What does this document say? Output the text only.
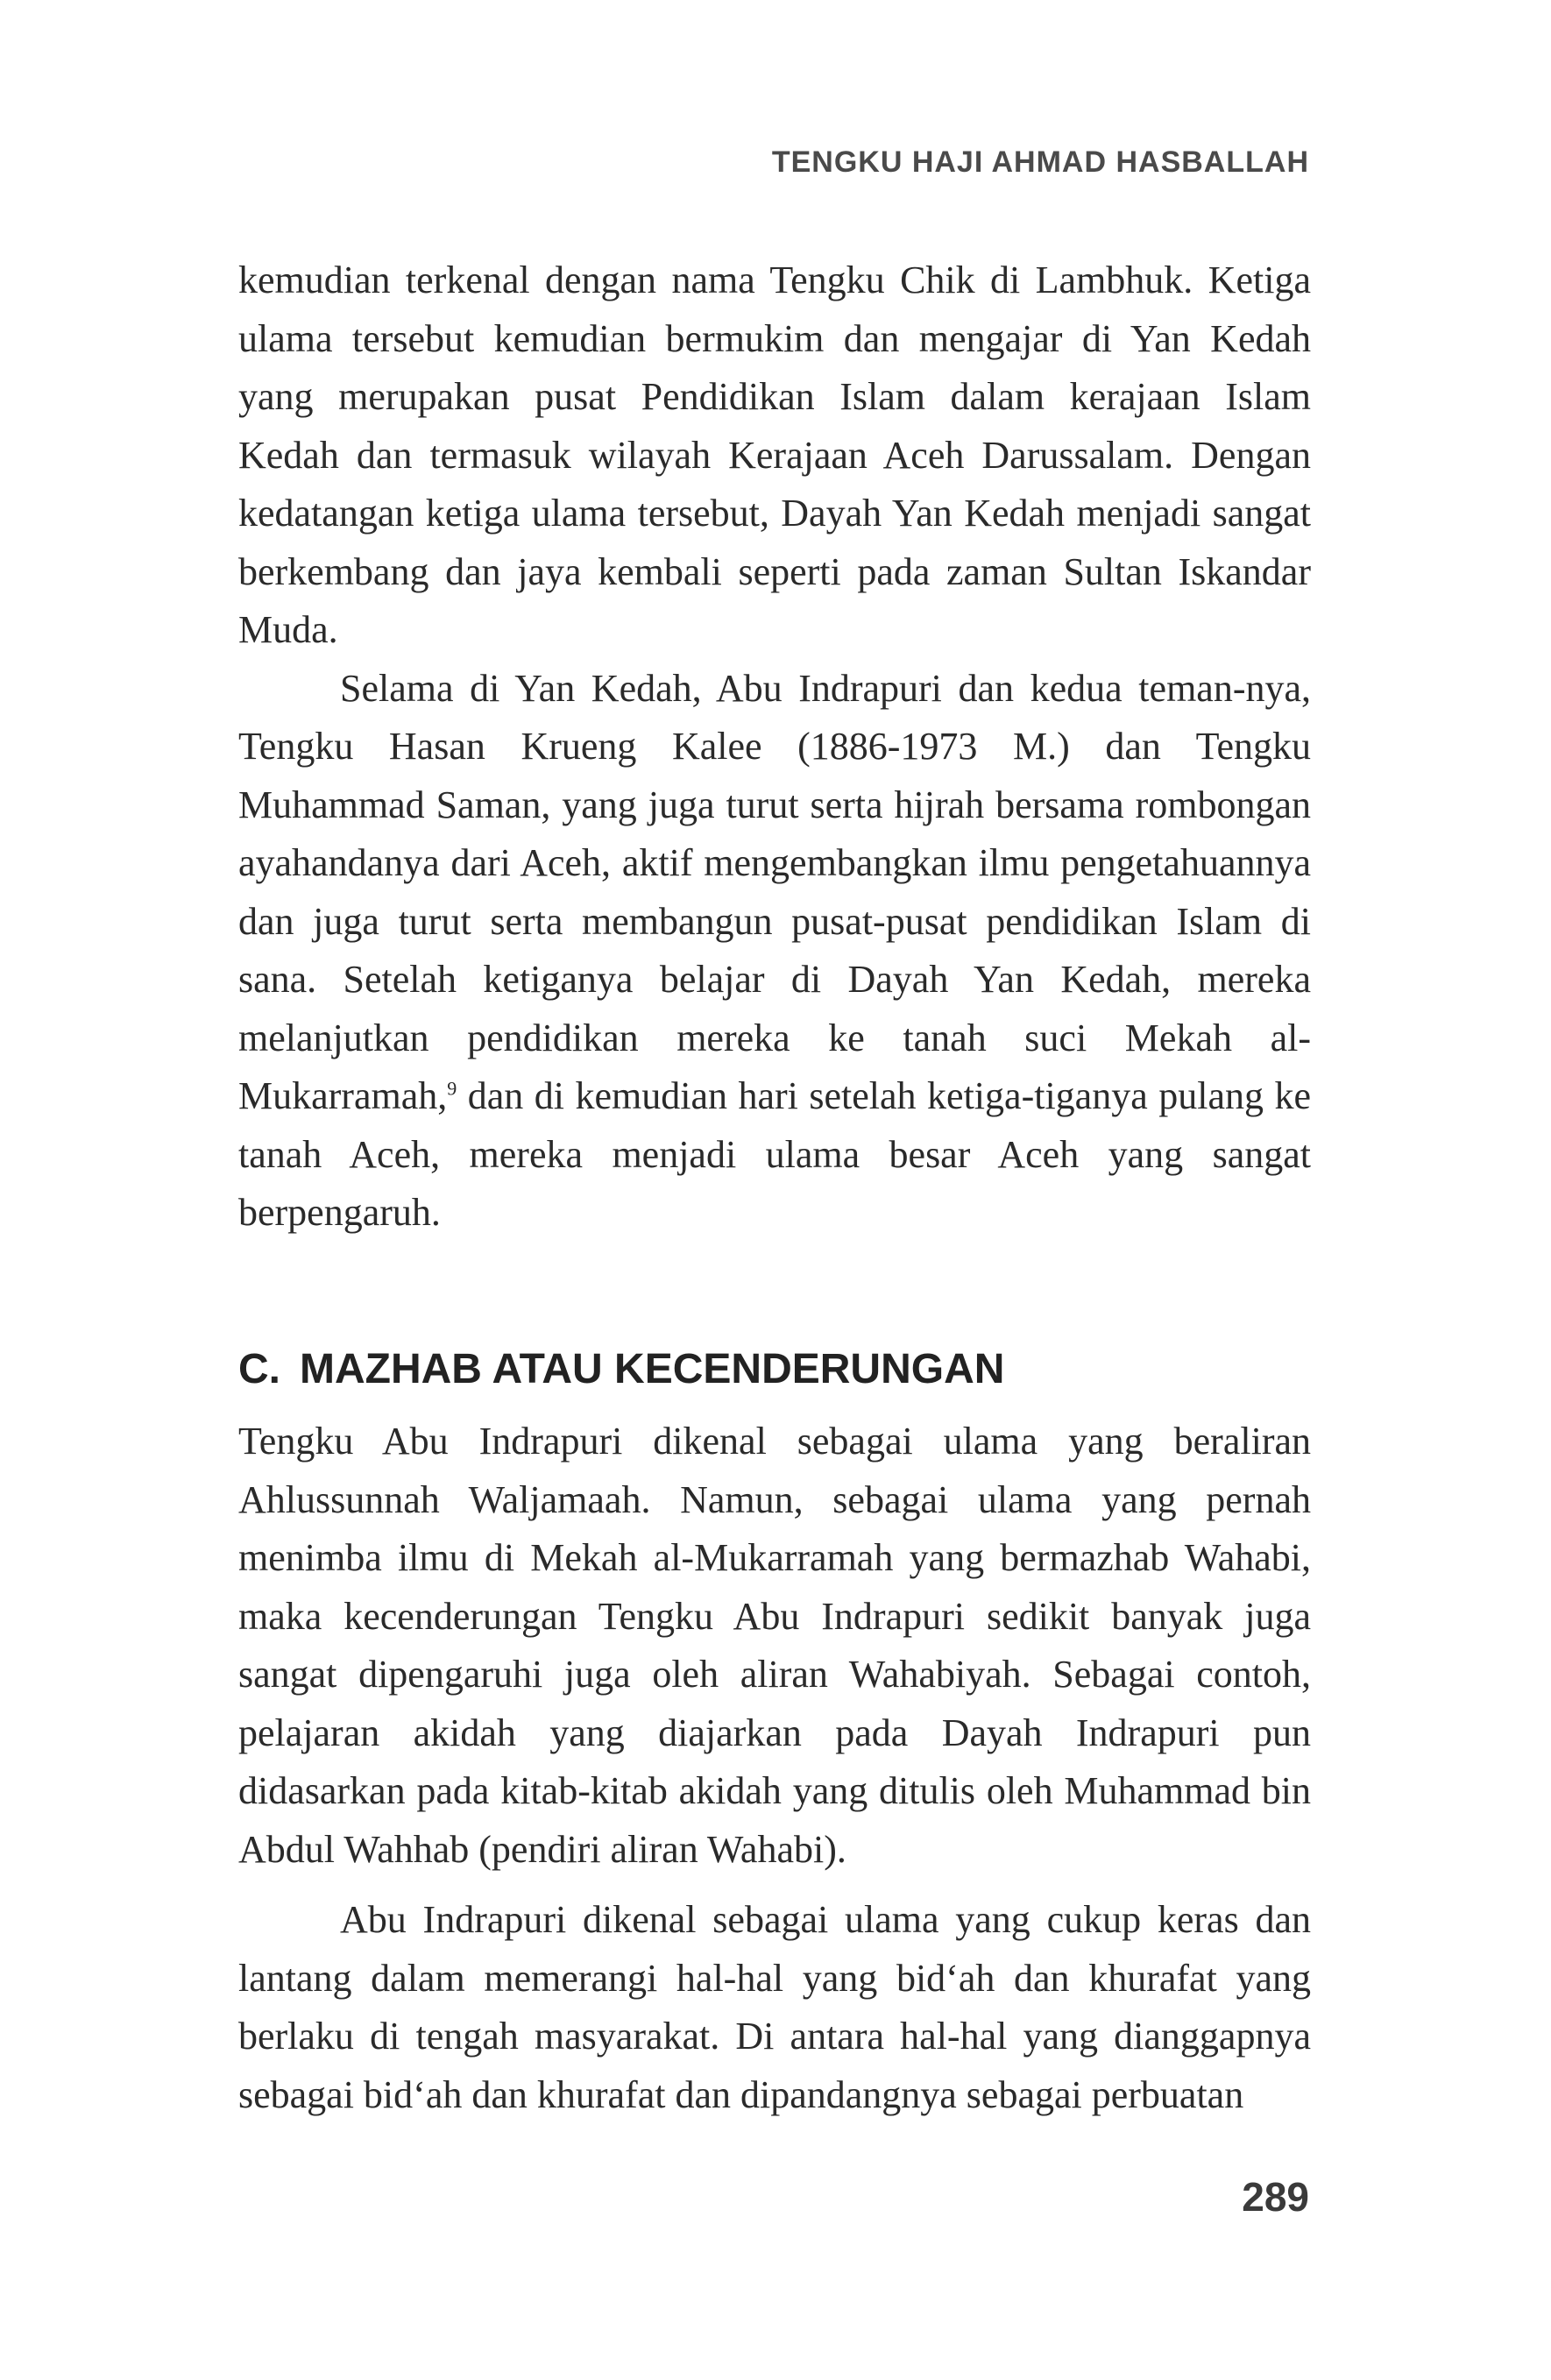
TENGKU HAJI AHMAD HASBALLAH

kemudian terkenal dengan nama Tengku Chik di Lambhuk. Ketiga ulama tersebut kemudian bermukim dan mengajar di Yan Kedah yang merupakan pusat Pendidikan Islam dalam kerajaan Islam Kedah dan termasuk wilayah Kerajaan Aceh Darussalam. Dengan kedatangan ketiga ulama tersebut, Dayah Yan Kedah menjadi sangat berkembang dan jaya kembali seperti pada zaman Sultan Iskandar Muda.

Selama di Yan Kedah, Abu Indrapuri dan kedua teman-nya, Tengku Hasan Krueng Kalee (1886-1973 M.) dan Tengku Muhammad Saman, yang juga turut serta hijrah bersama rombongan ayahandanya dari Aceh, aktif mengembangkan ilmu pengetahuannya dan juga turut serta membangun pusat-pusat pendidikan Islam di sana. Setelah ketiganya belajar di Dayah Yan Kedah, mereka melanjutkan pendidikan mereka ke tanah suci Mekah al-Mukarramah,$^9$ dan di kemudian hari setelah ketiga-tiganya pulang ke tanah Aceh, mereka menjadi ulama besar Aceh yang sangat berpengaruh.

C. MAZHAB ATAU KECENDERUNGAN

Tengku Abu Indrapuri dikenal sebagai ulama yang beraliran Ahlussunnah Waljamaah. Namun, sebagai ulama yang pernah menimba ilmu di Mekah al-Mukarramah yang bermazhab Wahabi, maka kecenderungan Tengku Abu Indrapuri sedikit banyak juga sangat dipengaruhi juga oleh aliran Wahabiyah. Sebagai contoh, pelajaran akidah yang diajarkan pada Dayah Indrapuri pun didasarkan pada kitab-kitab akidah yang ditulis oleh Muhammad bin Abdul Wahhab (pendiri aliran Wahabi).

Abu Indrapuri dikenal sebagai ulama yang cukup keras dan lantang dalam memerangi hal-hal yang bid‘ah dan khurafat yang berlaku di tengah masyarakat. Di antara hal-hal yang dianggapnya sebagai bid‘ah dan khurafat dan dipandangnya sebagai perbuatan

289
